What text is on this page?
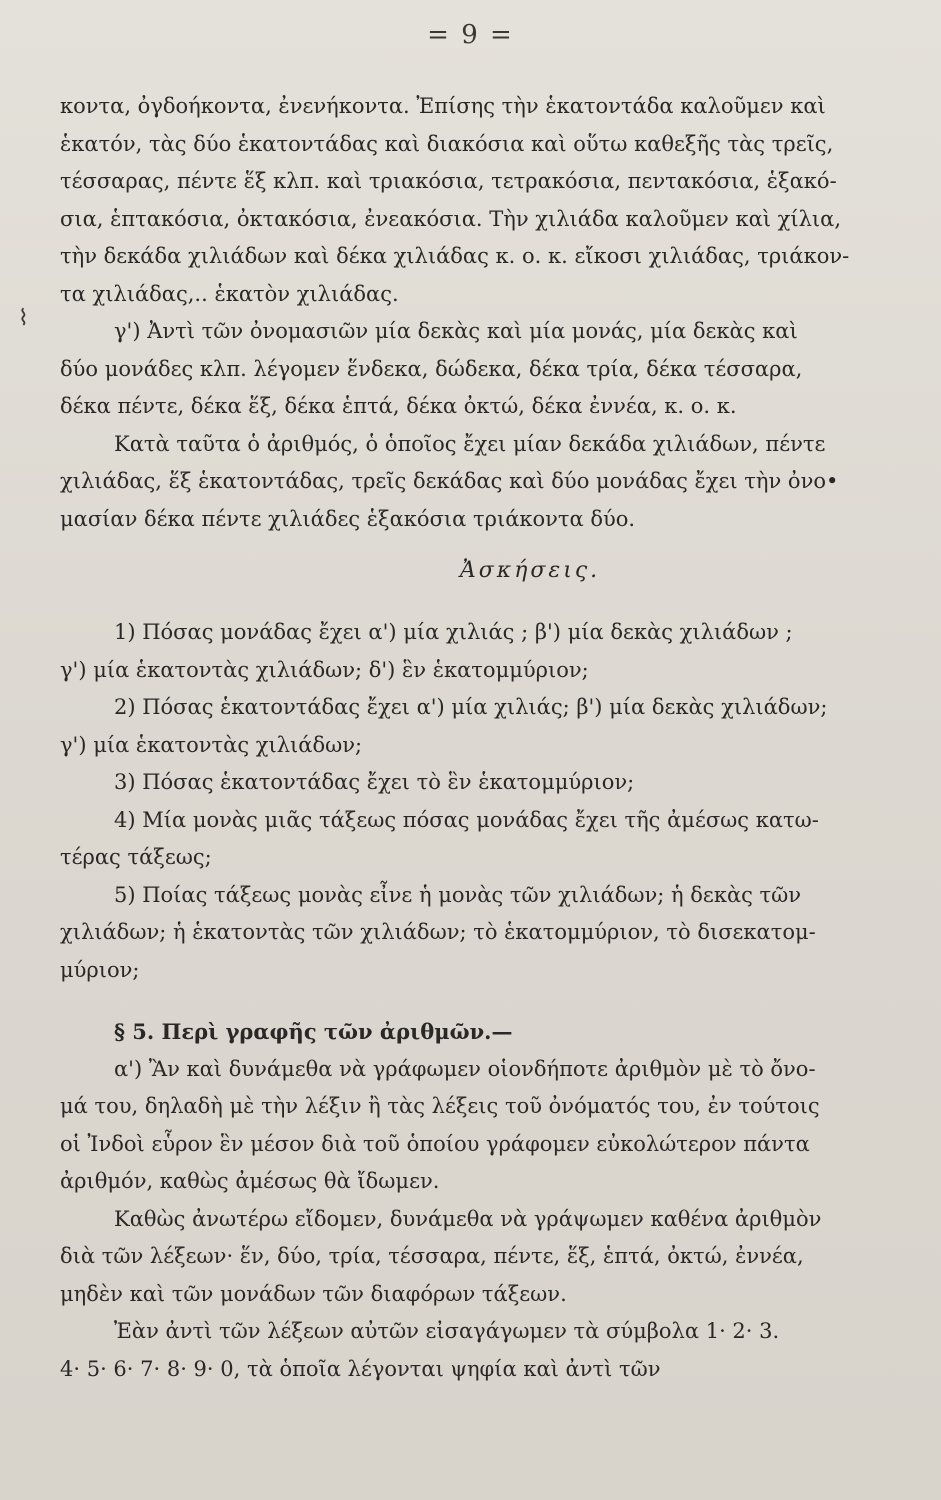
= 9 =
⌇
κοντα, ὀγδοήκοντα, ἐνενήκοντα. Ἐπίσης τὴν ἑκατοντάδα καλοῦμεν καὶ
ἑκατόν, τὰς δύο ἑκατοντάδας καὶ διακόσια καὶ οὕτω καθεξῆς τὰς τρεῖς,
τέσσαρας, πέντε ἕξ κλπ. καὶ τριακόσια, τετρακόσια, πεντακόσια, ἑξακό-
σια, ἑπτακόσια, ὀκτακόσια, ἐνεακόσια. Τὴν χιλιάδα καλοῦμεν καὶ χίλια,
τὴν δεκάδα χιλιάδων καὶ δέκα χιλιάδας κ. ο. κ. εἴκοσι χιλιάδας, τριάκον-
τα χιλιάδας,.. ἑκατὸν χιλιάδας.
γ') Ἀντὶ τῶν ὀνομασιῶν μία δεκὰς καὶ μία μονάς, μία δεκὰς καὶ
δύο μονάδες κλπ. λέγομεν ἕνδεκα, δώδεκα, δέκα τρία, δέκα τέσσαρα,
δέκα πέντε, δέκα ἕξ, δέκα ἑπτά, δέκα ὀκτώ, δέκα ἐννέα, κ. ο. κ.
Κατὰ ταῦτα ὁ ἀριθμός, ὁ ὁποῖος ἔχει μίαν δεκάδα χιλιάδων, πέντε
χιλιάδας, ἕξ ἑκατοντάδας, τρεῖς δεκάδας καὶ δύο μονάδας ἔχει τὴν ὀνο•
μασίαν δέκα πέντε χιλιάδες ἑξακόσια τριάκοντα δύο.
Ἀσκήσεις.
1) Πόσας μονάδας ἔχει α') μία χιλιάς ; β') μία δεκὰς χιλιάδων ;
γ') μία ἑκατοντὰς χιλιάδων; δ') ἓν ἑκατομμύριον;
2) Πόσας ἑκατοντάδας ἔχει α') μία χιλιάς; β') μία δεκὰς χιλιάδων;
γ') μία ἑκατοντὰς χιλιάδων;
3) Πόσας ἑκατοντάδας ἔχει τὸ ἓν ἑκατομμύριον;
4) Μία μονὰς μιᾶς τάξεως πόσας μονάδας ἔχει τῆς ἀμέσως κατω-
τέρας τάξεως;
5) Ποίας τάξεως μονὰς εἶνε ἡ μονὰς τῶν χιλιάδων; ἡ δεκὰς τῶν
χιλιάδων; ἡ ἑκατοντὰς τῶν χιλιάδων; τὸ ἑκατομμύριον, τὸ δισεκατομ-
μύριον;
§ 5. Περὶ γραφῆς τῶν ἀριθμῶν.—
α') Ἂν καὶ δυνάμεθα νὰ γράφωμεν οἱονδήποτε ἀριθμὸν μὲ τὸ ὄνο-
μά του, δηλαδὴ μὲ τὴν λέξιν ἢ τὰς λέξεις τοῦ ὀνόματός του, ἐν τούτοις
οἱ Ἰνδοὶ εὗρον ἓν μέσον διὰ τοῦ ὁποίου γράφομεν εὐκολώτερον πάντα
ἀριθμόν, καθὼς ἀμέσως θὰ ἴδωμεν.
Καθὼς ἀνωτέρω εἴδομεν, δυνάμεθα νὰ γράψωμεν καθένα ἀριθμὸν
διὰ τῶν λέξεων· ἕν, δύο, τρία, τέσσαρα, πέντε, ἕξ, ἑπτά, ὀκτώ, ἐννέα,
μηδὲν καὶ τῶν μονάδων τῶν διαφόρων τάξεων.
Ἐὰν ἀντὶ τῶν λέξεων αὐτῶν εἰσαγάγωμεν τὰ σύμβολα 1· 2· 3.
4· 5· 6· 7· 8· 9· 0, τὰ ὁποῖα λέγονται ψηφία καὶ ἀντὶ τῶν
